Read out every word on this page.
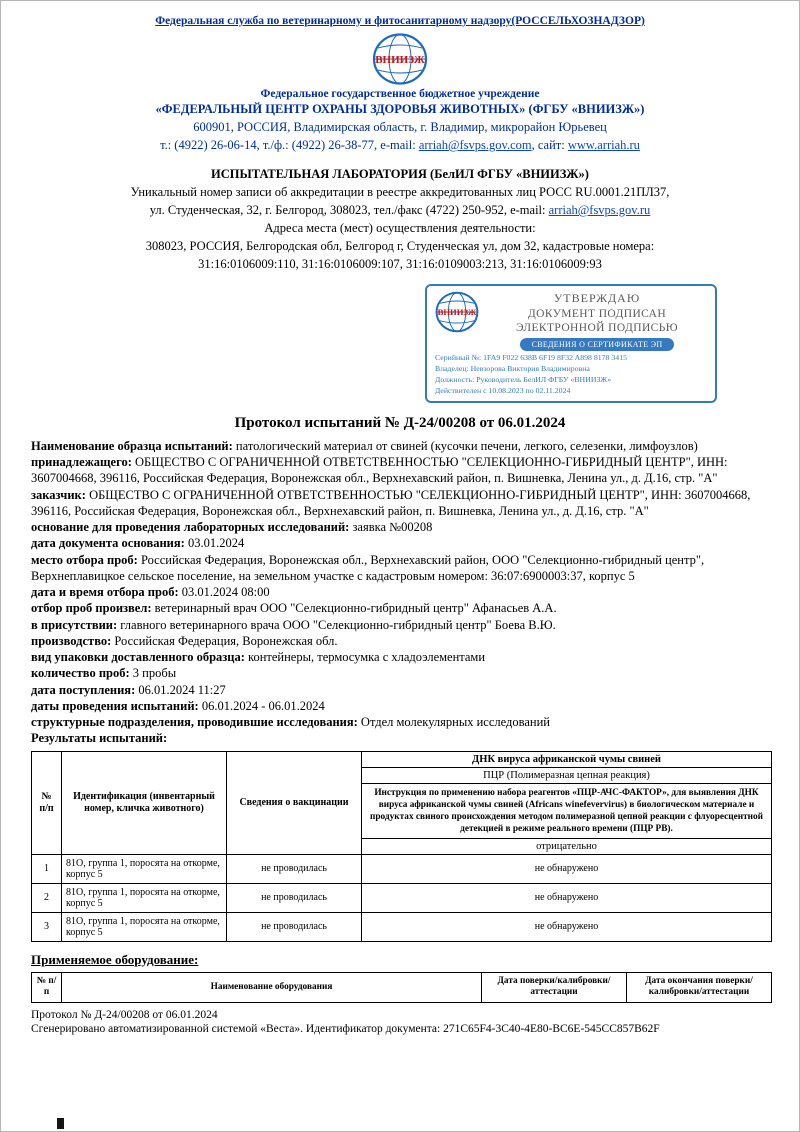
Федеральная служба по ветеринарному и фитосанитарному надзору(РОССЕЛЬХОЗНАДЗОР)
ВНИИЗЖ
Федеральное государственное бюджетное учреждение
«ФЕДЕРАЛЬНЫЙ ЦЕНТР ОХРАНЫ ЗДОРОВЬЯ ЖИВОТНЫХ» (ФГБУ «ВНИИЗЖ»)
600901, РОССИЯ, Владимирская область, г. Владимир, микрорайон Юрьевец
т.: (4922) 26-06-14, т./ф.: (4922) 26-38-77, e-mail: arriah@fsvps.gov.com, сайт: www.arriah.ru
ИСПЫТАТЕЛЬНАЯ ЛАБОРАТОРИЯ (БелИЛ ФГБУ «ВНИИЗЖ»)
Уникальный номер записи об аккредитации в реестре аккредитованных лиц РОСС RU.0001.21ПЛ37,
ул. Студенческая, 32, г. Белгород, 308023, тел./факс (4722) 250-952, e-mail: arriah@fsvps.gov.ru
Адреса места (мест) осуществления деятельности:
308023, РОССИЯ, Белгородская обл, Белгород г, Студенческая ул, дом 32, кадастровые номера:
31:16:0106009:110, 31:16:0106009:107, 31:16:0109003:213, 31:16:0106009:93
ВНИИЗЖ
УТВЕРЖДАЮ
ДОКУМЕНТ ПОДПИСАН
ЭЛЕКТРОННОЙ ПОДПИСЬЮ
СВЕДЕНИЯ О СЕРТИФИКАТЕ ЭП
Серийный №: 1FA9 F022 638B 6F19 8F32 A898 8178 3415
Владелец: Невзорова Виктория Владимировна
Должность: Руководитель БелИЛ ФГБУ «ВНИИЗЖ»
Действителен с 10.08.2023 по 02.11.2024
Протокол испытаний № Д-24/00208 от 06.01.2024

Наименование образца испытаний: патологический материал от свиней (кусочки печени, легкого, селезенки, лимфоузлов)

принадлежащего: ОБЩЕСТВО С ОГРАНИЧЕННОЙ ОТВЕТСТВЕННОСТЬЮ "СЕЛЕКЦИОННО-ГИБРИДНЫЙ ЦЕНТР", ИНН: 3607004668, 396116, Российская Федерация, Воронежская обл., Верхнехавский район, п. Вишневка, Ленина ул., д. Д.16, стр. "А"

заказчик: ОБЩЕСТВО С ОГРАНИЧЕННОЙ ОТВЕТСТВЕННОСТЬЮ "СЕЛЕКЦИОННО-ГИБРИДНЫЙ ЦЕНТР", ИНН: 3607004668, 396116, Российская Федерация, Воронежская обл., Верхнехавский район, п. Вишневка, Ленина ул., д. Д.16, стр. "А"

основание для проведения лабораторных исследований: заявка №00208

дата документа основания: 03.01.2024

место отбора проб: Российская Федерация, Воронежская обл., Верхнехавский район, ООО "Селекционно-гибридный центр", Верхнеплавицкое сельское поселение, на земельном участке с кадастровым номером: 36:07:6900003:37, корпус 5

дата и время отбора проб: 03.01.2024 08:00

отбор проб произвел: ветеринарный врач ООО "Селекционно-гибридный центр" Афанасьев А.А.

в присутствии: главного ветеринарного врача ООО "Селекционно-гибридный центр" Боева В.Ю.

производство: Российская Федерация, Воронежская обл.

вид упаковки доставленного образца: контейнеры, термосумка с хладоэлементами

количество проб: 3 пробы

дата поступления: 06.01.2024 11:27

даты проведения испытаний: 06.01.2024 - 06.01.2024

структурные подразделения, проводившие исследования: Отдел молекулярных исследований

Результаты испытаний:

№ п/п	Идентификация (инвентарный номер, кличка животного)	Сведения о вакцинации	ДНК вируса африканской чумы свиней
			ПЦР (Полимеразная цепная реакция)
			Инструкция по применению набора реагентов «ПЦР-АЧС-ФАКТОР», для выявления ДНК вируса африканской чумы свиней (Africans winefevervirus) в биологическом материале и продуктах свиного происхождения методом полимеразной цепной реакции с флуоресцентной детекцией в режиме реального времени (ПЦР РВ).
			отрицательно
1	81О, группа 1, поросята на откорме, корпус 5	не проводилась	не обнаружено
2	81О, группа 1, поросята на откорме, корпус 5	не проводилась	не обнаружено
3	81О, группа 1, поросята на откорме, корпус 5	не проводилась	не обнаружено

Применяемое оборудование:

№ п/п	Наименование оборудования	Дата поверки/калибровки/аттестации	Дата окончания поверки/калибровки/аттестации
Протокол № Д-24/00208 от 06.01.2024
Сгенерировано автоматизированной системой «Веста». Идентификатор документа: 271C65F4-3C40-4E80-BC6E-545CC857B62F
